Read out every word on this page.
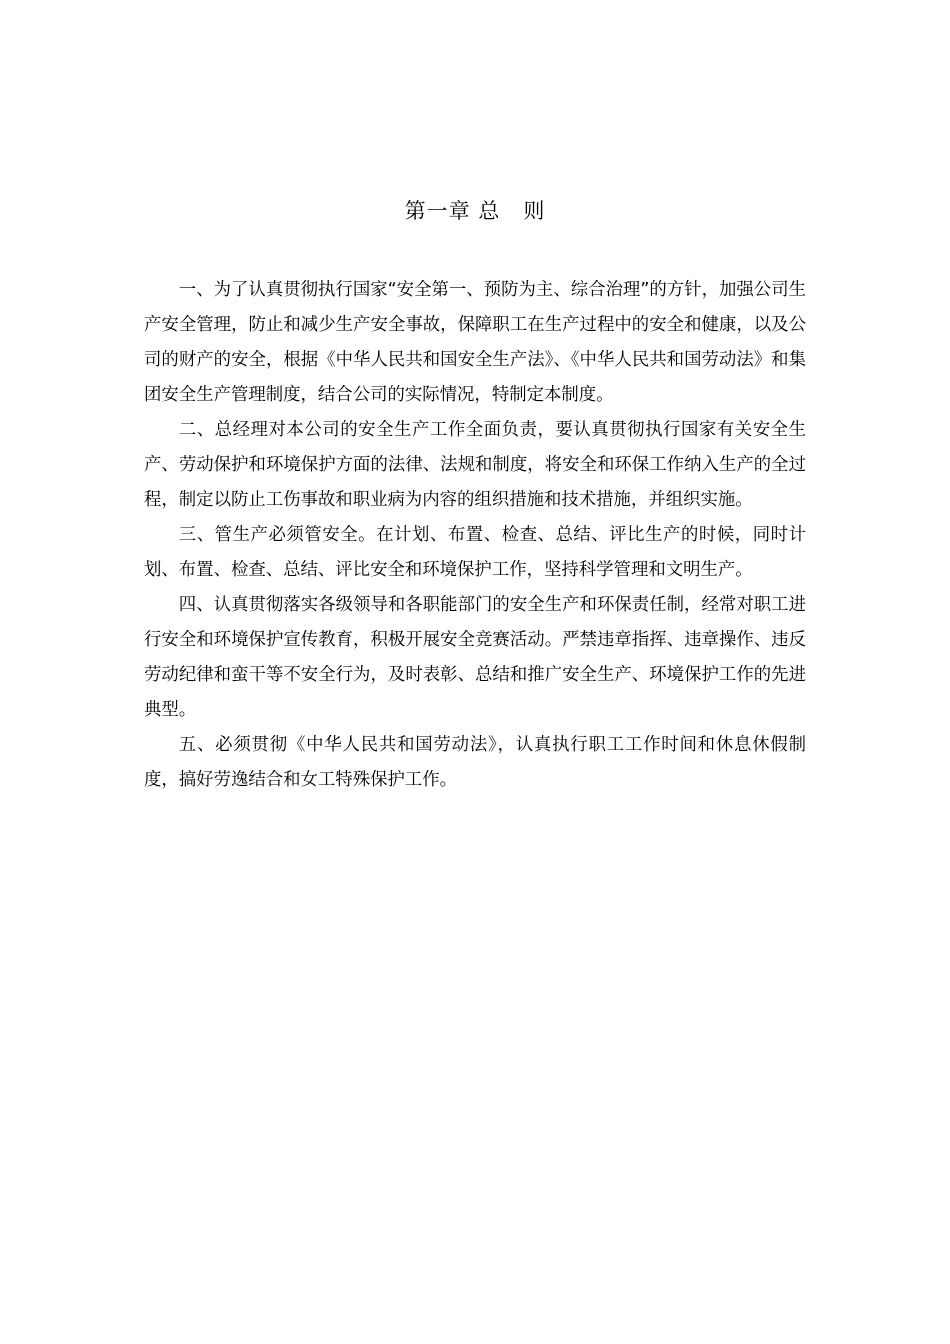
第一章 总   则

一、为了认真贯彻执行国家“安全第一、预防为主、综合治理”的方针，加强公司生产安全管理，防止和减少生产安全事故，保障职工在生产过程中的安全和健康，以及公司的财产的安全，根据《中华人民共和国安全生产法》、《中华人民共和国劳动法》和集团安全生产管理制度，结合公司的实际情况，特制定本制度。

二、总经理对本公司的安全生产工作全面负责，要认真贯彻执行国家有关安全生产、劳动保护和环境保护方面的法律、法规和制度，将安全和环保工作纳入生产的全过程，制定以防止工伤事故和职业病为内容的组织措施和技术措施，并组织实施。

三、管生产必须管安全。在计划、布置、检查、总结、评比生产的时候，同时计划、布置、检查、总结、评比安全和环境保护工作，坚持科学管理和文明生产。

四、认真贯彻落实各级领导和各职能部门的安全生产和环保责任制，经常对职工进行安全和环境保护宣传教育，积极开展安全竞赛活动。严禁违章指挥、违章操作、违反劳动纪律和蛮干等不安全行为，及时表彰、总结和推广安全生产、环境保护工作的先进典型。

五、必须贯彻《中华人民共和国劳动法》，认真执行职工工作时间和休息休假制度，搞好劳逸结合和女工特殊保护工作。
